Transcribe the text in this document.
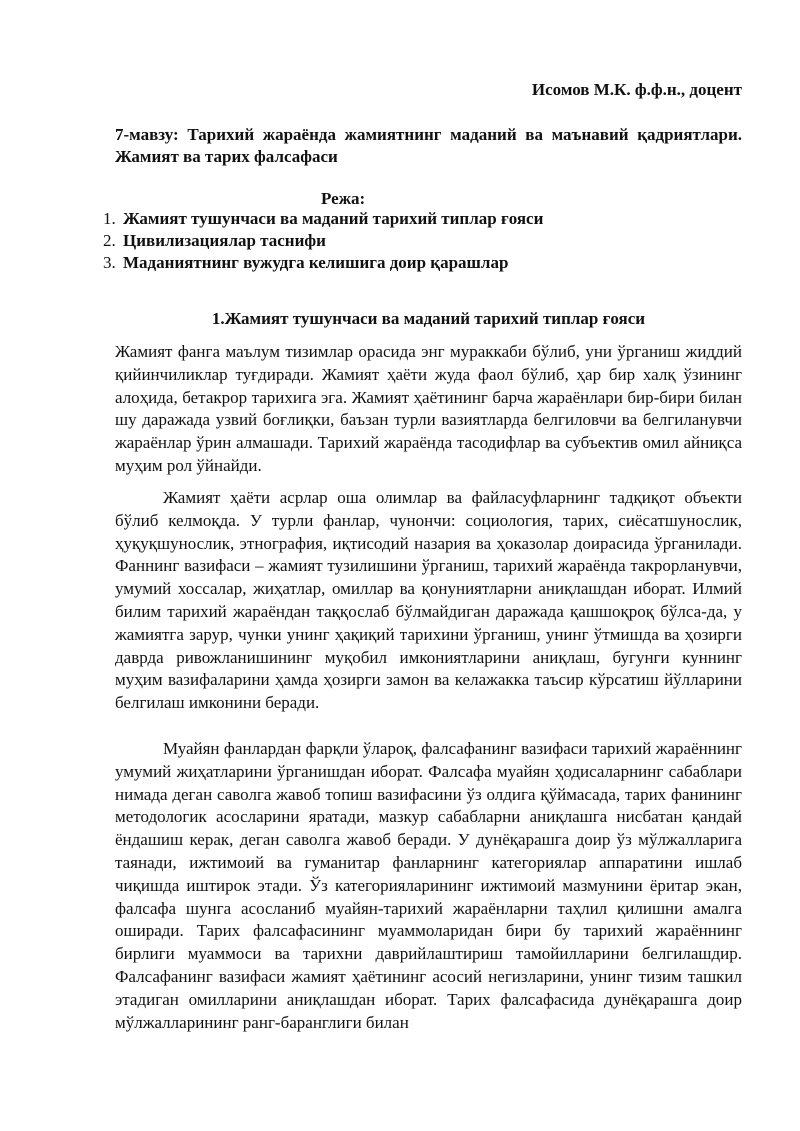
Исомов М.К. ф.ф.н., доцент
7-мавзу: Тарихий жараёнда жамиятнинг маданий ва маънавий қадриятлари. Жамият ва тарих фалсафаси
Режа:
1. Жамият тушунчаси ва маданий тарихий типлар ғояси
2. Цивилизациялар таснифи
3. Маданиятнинг вужудга келишига доир қарашлар
1.Жамият тушунчаси ва маданий тарихий типлар ғояси

Жамият фанга маълум тизимлар орасида энг мураккаби бўлиб, уни ўрганиш жиддий қийинчиликлар туғдиради. Жамият ҳаёти жуда фаол бўлиб, ҳар бир халқ ўзининг алоҳида, бетакрор тарихига эга. Жамият ҳаётининг барча жараёнлари бир-бири билан шу даражада узвий боғлиқки, баъзан турли вазиятларда белгиловчи ва белгиланувчи жараёнлар ўрин алмашади. Тарихий жараёнда тасодифлар ва субъектив омил айниқса муҳим рол ўйнайди.

Жамият ҳаёти асрлар оша олимлар ва файласуфларнинг тадқиқот объекти бўлиб келмоқда. У турли фанлар, чунончи: социология, тарих, сиёсатшунослик, ҳуқуқшунослик, этнография, иқтисодий назария ва ҳоказолар доирасида ўрганилади. Фаннинг вазифаси – жамият тузилишини ўрганиш, тарихий жараёнда такрорланувчи, умумий хоссалар, жиҳатлар, омиллар ва қонуниятларни аниқлашдан иборат. Илмий билим тарихий жараёндан таққослаб бўлмайдиган даражада қашшоқроқ бўлса-да, у жамиятга зарур, чунки унинг ҳақиқий тарихини ўрганиш, унинг ўтмишда ва ҳозирги даврда ривожланишининг муқобил имкониятларини аниқлаш, бугунги куннинг муҳим вазифаларини ҳамда ҳозирги замон ва келажакка таъсир кўрсатиш йўлларини белгилаш имконини беради.

Муайян фанлардан фарқли ўлароқ, фалсафанинг вазифаси тарихий жараённинг умумий жиҳатларини ўрганишдан иборат. Фалсафа муайян ҳодисаларнинг сабаблари нимада деган саволга жавоб топиш вазифасини ўз олдига қўймасада, тарих фанининг методологик асосларини яратади, мазкур сабабларни аниқлашга нисбатан қандай ёндашиш керак, деган саволга жавоб беради. У дунёқарашга доир ўз мўлжалларига таянади, ижтимоий ва гуманитар фанларнинг категориялар аппаратини ишлаб чиқишда иштирок этади. Ўз категорияларининг ижтимоий мазмунини ёритар экан, фалсафа шунга асосланиб муайян-тарихий жараёнларни таҳлил қилишни амалга оширади. Тарих фалсафасининг муаммоларидан бири бу тарихий жараённинг бирлиги муаммоси ва тарихни даврийлаштириш тамойилларини белгилашдир. Фалсафанинг вазифаси жамият ҳаётининг асосий негизларини, унинг тизим ташкил этадиган омилларини аниқлашдан иборат. Тарих фалсафасида дунёқарашга доир мўлжалларининг ранг-баранглиги билан
